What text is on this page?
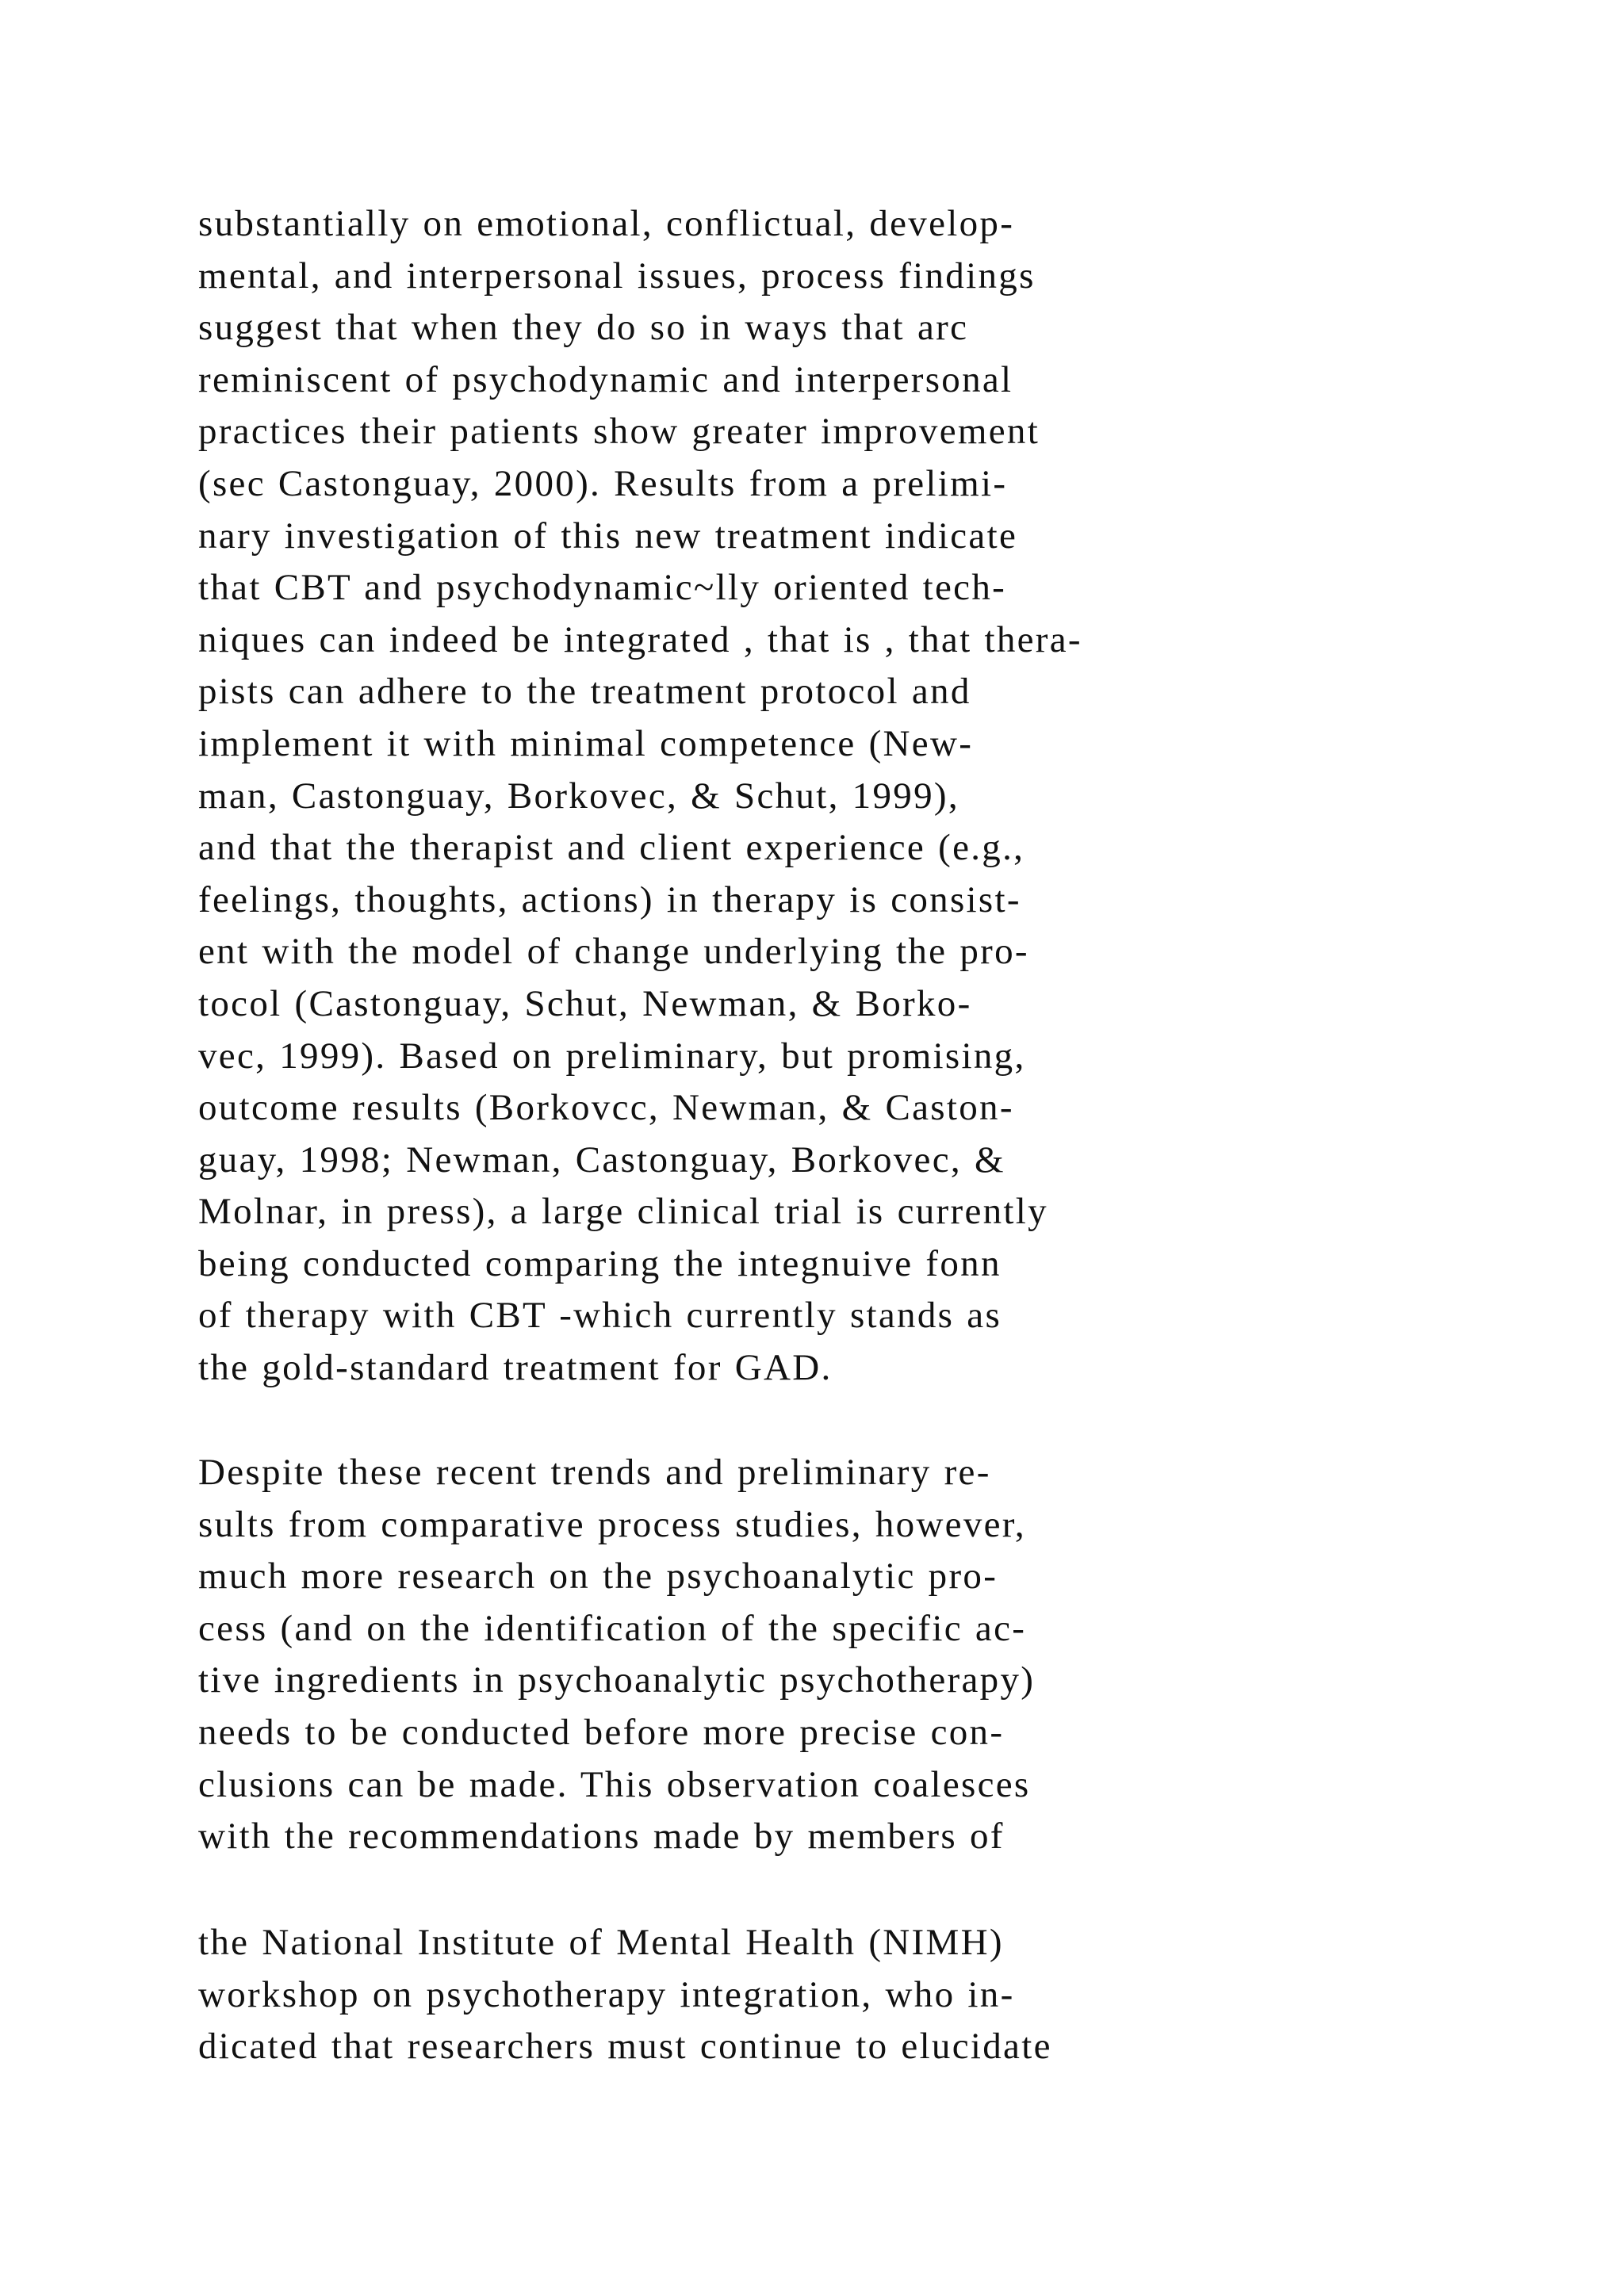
substantially on emotional, conflictual, develop-
mental, and interpersonal issues, process findings
suggest that when they do so in ways that arc
reminiscent of psychodynamic and interpersonal
practices their patients show greater improvement
(sec Castonguay, 2000). Results from a prelimi-
nary investigation of this new treatment indicate
that CBT and psychodynamic~lly oriented tech-
niques can indeed be integrated , that is , that thera-
pists can adhere to the treatment protocol and
implement it with minimal competence (New-
man, Castonguay, Borkovec, & Schut, 1999),
and that the therapist and client experience (e.g.,
feelings, thoughts, actions) in therapy is consist-
ent with the model of change underlying the pro-
tocol (Castonguay, Schut, Newman, & Borko-
vec, 1999). Based on preliminary, but promising,
outcome results (Borkovcc, Newman, & Caston-
guay, 1998; Newman, Castonguay, Borkovec, &
Molnar, in press), a large clinical trial is currently
being conducted comparing the integnuive fonn
of therapy with CBT -which currently stands as
the gold-standard treatment for GAD.
Despite these recent trends and preliminary re-
sults from comparative process studies, however,
much more research on the psychoanalytic pro-
cess (and on the identification of the specific ac-
tive ingredients in psychoanalytic psychotherapy)
needs to be conducted before more precise con-
clusions can be made. This observation coalesces
with the recommendations made by members of
the National Institute of Mental Health (NIMH)
workshop on psychotherapy integration, who in-
dicated that researchers must continue to elucidate
